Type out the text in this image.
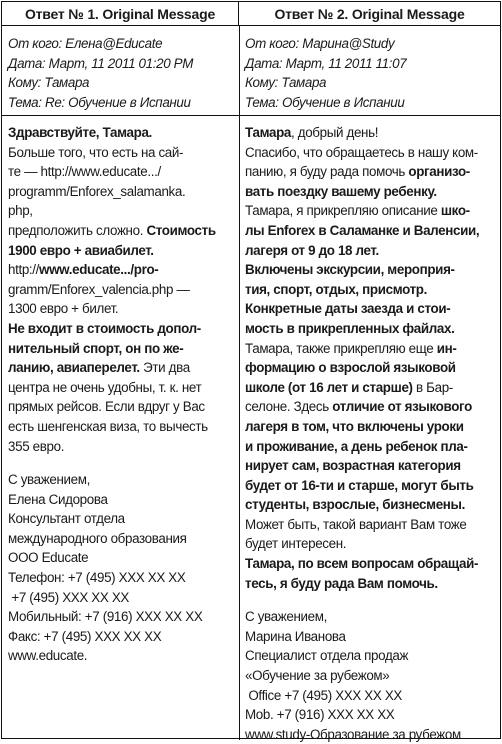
Ответ № 1. Original Message	Ответ № 2. Original Message
От кого: Елена@Educate
Дата: Март, 11 2011 01:20 PM
Кому: Тамара
Тема: Re: Обучение в Испании
Здравствуйте, Тамара.
Больше того, что есть на сай-
те — http://www.educate.../
programm/Enforex_salamanka.
php,
предположить сложно. Стоимость
1900 евро + авиабилет.
http://www.educate.../pro-
gramm/Enforex_valencia.php —
1300 евро + билет.
Не входит в стоимость допол-
нительный спорт, он по же-
ланию, авиаперелет. Эти два
центра не очень удобны, т. к. нет
прямых рейсов. Если вдруг у Вас
есть шенгенская виза, то вычесть
355 евро.
С уважением,
Елена Сидорова
Консультант отдела
международного образования
ООО Educate
Телефон: +7 (495) XXX XX XX
+7 (495) XXX XX XX
Мобильный: +7 (916) XXX XX XX
Факс: +7 (495) XXX XX XX
www.educate.
От кого: Марина@Study
Дата: Март, 11 2011 11:07
Кому: Тамара
Тема: Обучение в Испании
Тамара, добрый день!
Спасибо, что обращаетесь в нашу ком-
панию, я буду рада помочь организо-
вать поездку вашему ребенку.
Тамара, я прикрепляю описание шко-
лы Enforex в Саламанке и Валенсии,
лагеря от 9 до 18 лет.
Включены экскурсии, мероприя-
тия, спорт, отдых, присмотр.
Конкретные даты заезда и стои-
мость в прикрепленных файлах.
Тамара, также прикрепляю еще ин-
формацию о взрослой языковой
школе (от 16 лет и старше) в Бар-
селоне. Здесь отличие от языкового
лагеря в том, что включены уроки
и проживание, а день ребенок пла-
нирует сам, возрастная категория
будет от 16-ти и старше, могут быть
студенты, взрослые, бизнесмены.
Может быть, такой вариант Вам тоже
будет интересен.
Тамара, по всем вопросам обращай-
тесь, я буду рада Вам помочь.
С уважением,
Марина Иванова
Специалист отдела продаж
«Обучение за рубежом»
Office +7 (495) XXX XX XX
Mob. +7 (916) XXX XX XX
www.study-Образование за рубежом
